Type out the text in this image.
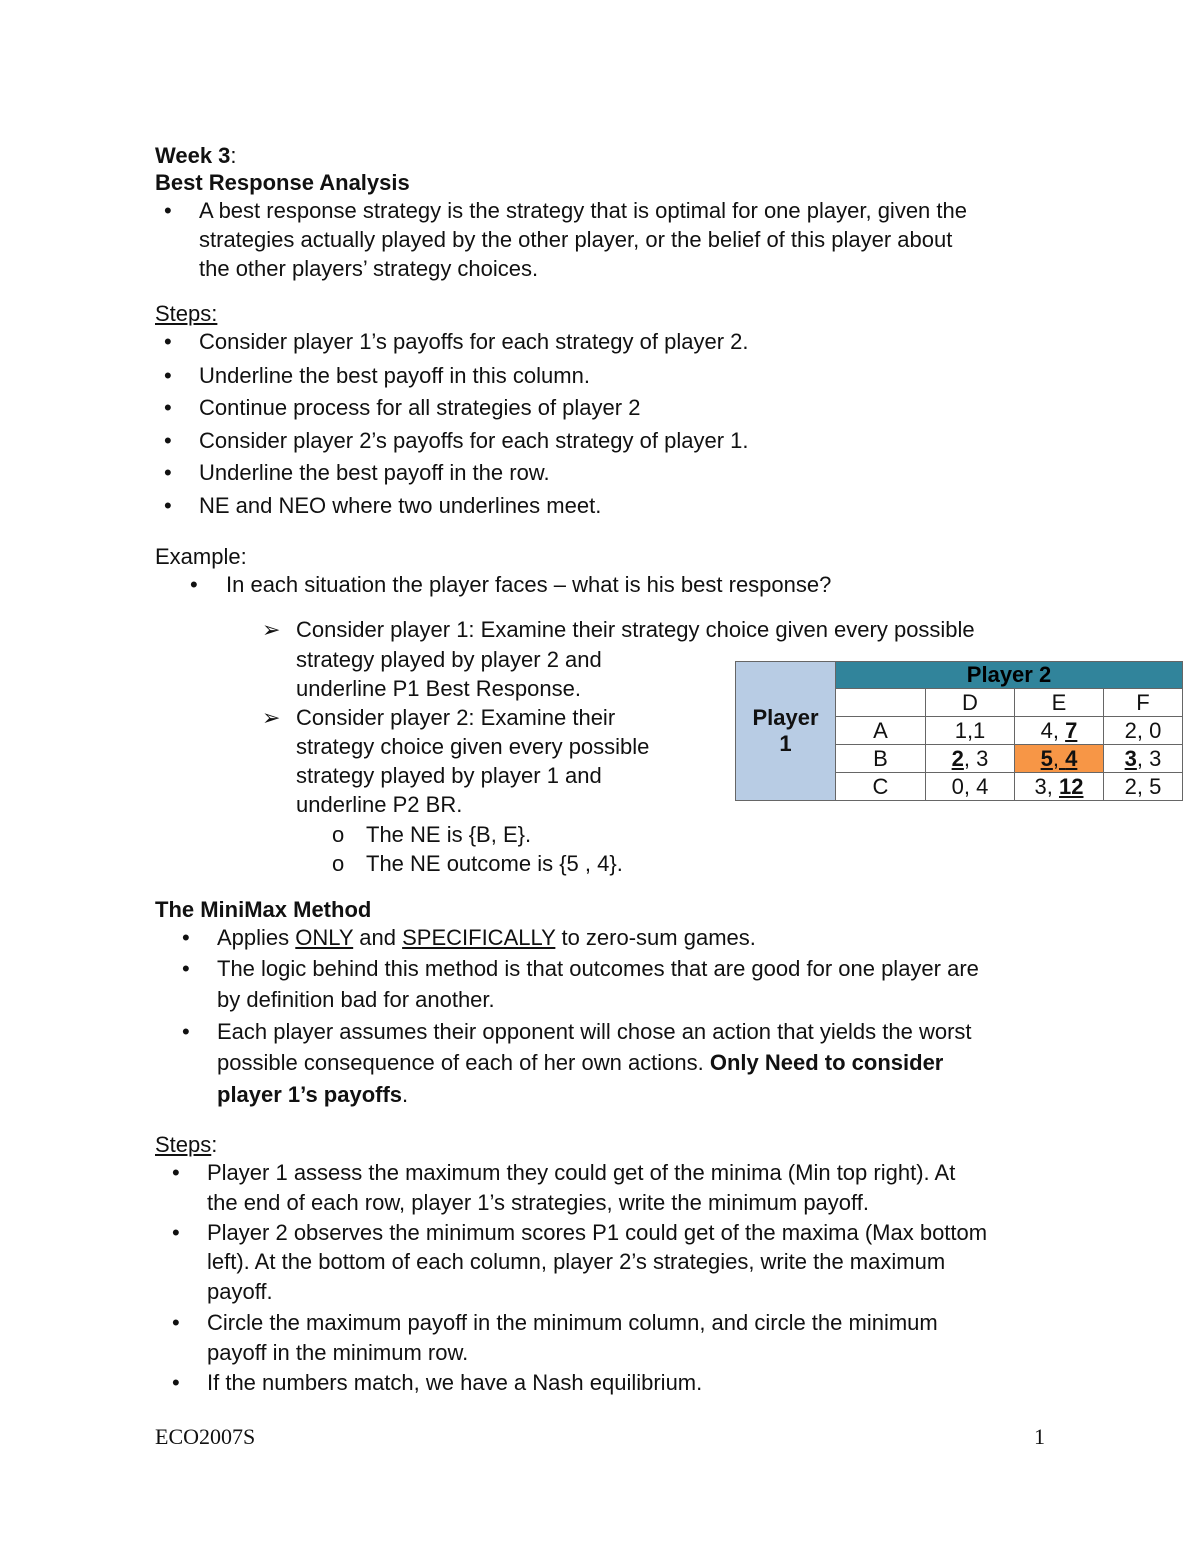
Week 3:
Best Response Analysis
• A best response strategy is the strategy that is optimal for one player, given the
strategies actually played by the other player, or the belief of this player about
the other players’ strategy choices.
Steps:
• Consider player 1’s payoffs for each strategy of player 2.
• Underline the best payoff in this column.
• Continue process for all strategies of player 2
• Consider player 2’s payoffs for each strategy of player 1.
• Underline the best payoff in the row.
• NE and NEO where two underlines meet.
Example:
• In each situation the player faces – what is his best response?
➢ Consider player 1: Examine their strategy choice given every possible
strategy played by player 2 and
underline P1 Best Response.
➢ Consider player 2: Examine their
strategy choice given every possible
strategy played by player 1 and
underline P2 BR.
o The NE is {B, E}.
o The NE outcome is {5 , 4}.
Player
1	Player 2			
		D	E	F
	A	1,1	4, 7	2, 0
	B	2, 3	5, 4	3, 3
	C	0, 4	3, 12	2, 5
The MiniMax Method
• Applies ONLY and SPECIFICALLY to zero-sum games.
• The logic behind this method is that outcomes that are good for one player are
by definition bad for another.
• Each player assumes their opponent will chose an action that yields the worst
possible consequence of each of her own actions. Only Need to consider
player 1’s payoffs.
Steps:
• Player 1 assess the maximum they could get of the minima (Min top right). At
the end of each row, player 1’s strategies, write the minimum payoff.
• Player 2 observes the minimum scores P1 could get of the maxima (Max bottom
left). At the bottom of each column, player 2’s strategies, write the maximum
payoff.
• Circle the maximum payoff in the minimum column, and circle the minimum
payoff in the minimum row.
• If the numbers match, we have a Nash equilibrium.
ECO2007S	1
